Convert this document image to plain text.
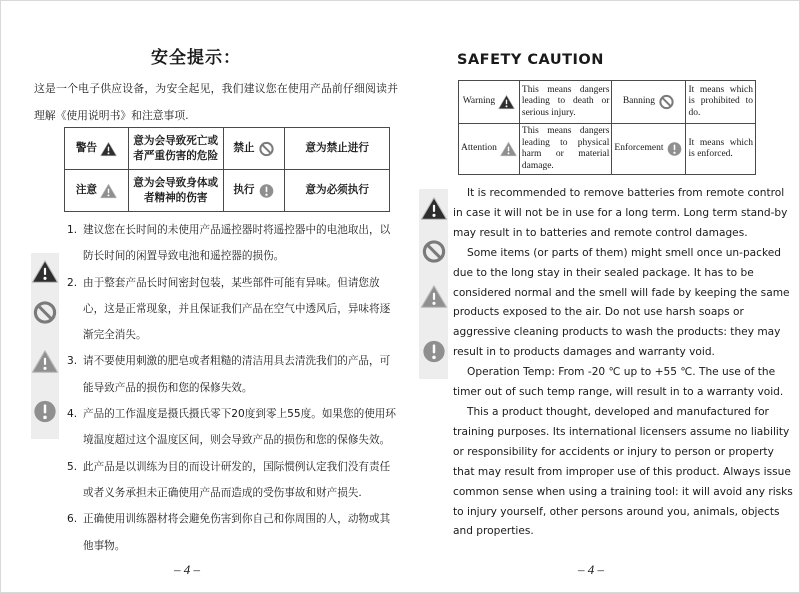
安全提示：
这是一个电子供应设备，为安全起见，我们建议您在使用产品前仔细阅读并理解《使用说明书》和注意事项.
警告	意为会导致死亡或者严重伤害的危险	禁止	意为禁止进行

注意	意为会导致身体或者精神的伤害	执行	意为必须执行
1. 建议您在长时间的未使用产品遥控器时将遥控器中的电池取出，以防长时间的闲置导致电池和遥控器的损伤。
2. 由于整套产品长时间密封包装，某些部件可能有异味。但请您放心，这是正常现象，并且保证我们产品在空气中透风后，异味将逐渐完全消失。
3. 请不要使用刺激的肥皂或者粗糙的清洁用具去清洗我们的产品，可能导致产品的损伤和您的保修失效。
4. 产品的工作温度是摄氏摄氏零下20度到零上55度。如果您的使用环境温度超过这个温度区间，则会导致产品的损伤和您的保修失效。
5. 此产品是以训练为目的而设计研发的，国际惯例认定我们没有责任或者义务承担未正确使用产品而造成的受伤事故和财产损失.
6. 正确使用训练器材将会避免伤害到你自己和你周围的人，动物或其他事物。
– 4 –
SAFETY CAUTION
Warning	This means dangers leading to death or serious injury.	Banning	It means which is prohibited to do.

Attention	This means dangers leading to physical harm or material damage.	Enforcement	It means which is enforced.

It is recommended to remove batteries from remote control in case it will not be in use for a long term. Long term stand-by may result in to batteries and remote control damages.

Some items (or parts of them) might smell once un-packed due to the long stay in their sealed package. It has to be considered normal and the smell will fade by keeping the same products exposed to the air. Do not use harsh soaps or aggressive cleaning products to wash the products: they may result in to products damages and warranty void.

Operation Temp: From -20 ℃ up to +55 ℃. The use of the timer out of such temp range, will result in to a warranty void.

This a product thought, developed and manufactured for training purposes. Its international licensers assume no liability or responsibility for accidents or injury to person or property that may result from improper use of this product. Always issue common sense when using a training tool: it will avoid any risks to injury yourself, other persons around you, animals, objects and properties.

– 4 –
